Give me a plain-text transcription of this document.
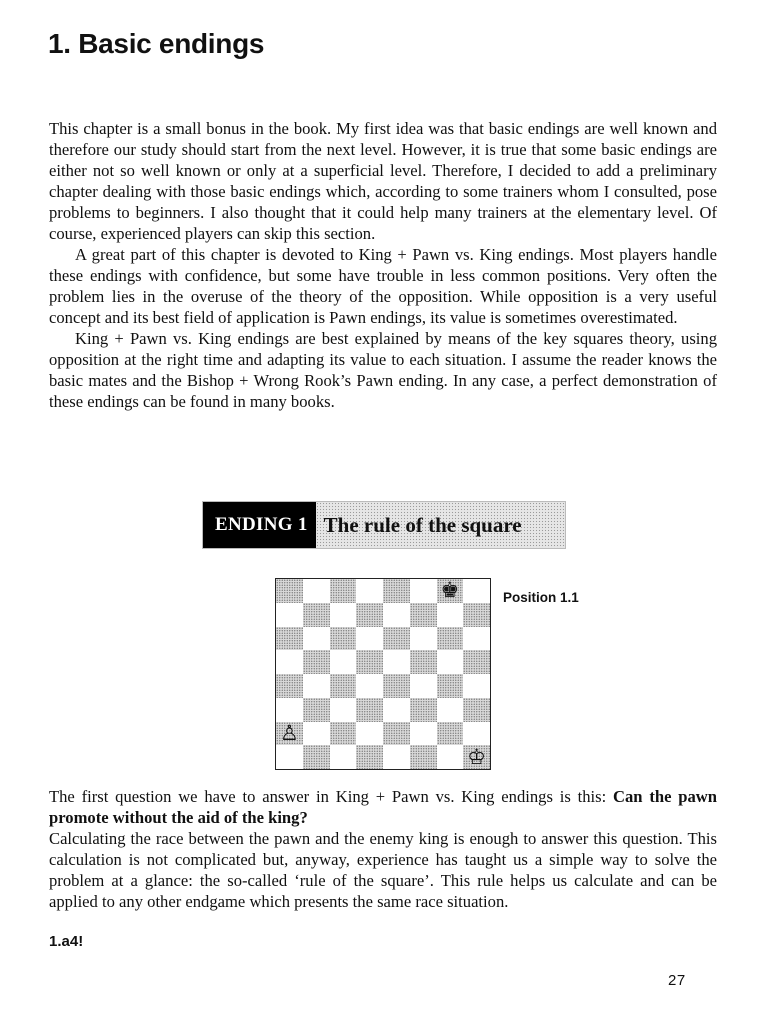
1. Basic endings

This chapter is a small bonus in the book. My first idea was that basic endings are well known and therefore our study should start from the next level. However, it is true that some basic endings are either not so well known or only at a superficial level. Therefore, I decided to add a preliminary chapter dealing with those basic endings which, according to some trainers whom I consulted, pose problems to beginners. I also thought that it could help many trainers at the elementary level. Of course, experienced players can skip this section.

A great part of this chapter is devoted to King + Pawn vs. King endings. Most players handle these endings with confidence, but some have trouble in less common positions. Very often the problem lies in the overuse of the theory of the opposition. While opposition is a very useful concept and its best field of application is Pawn endings, its value is sometimes overestimated.

King + Pawn vs. King endings are best explained by means of the key squares theory, using opposition at the right time and adapting its value to each situation. I assume the reader knows the basic mates and the Bishop + Wrong Rook’s Pawn ending. In any case, a perfect demonstration of these endings can be found in many books.

ENDING 1 The rule of the square
♚
♙
♔
Position 1.1

The first question we have to answer in King + Pawn vs. King endings is this: Can the pawn promote without the aid of the king?

Calculating the race between the pawn and the enemy king is enough to answer this question. This calculation is not complicated but, anyway, experience has taught us a simple way to solve the problem at a glance: the so-called ‘rule of the square’. This rule helps us calculate and can be applied to any other endgame which presents the same race situation.

1.a4!
27
